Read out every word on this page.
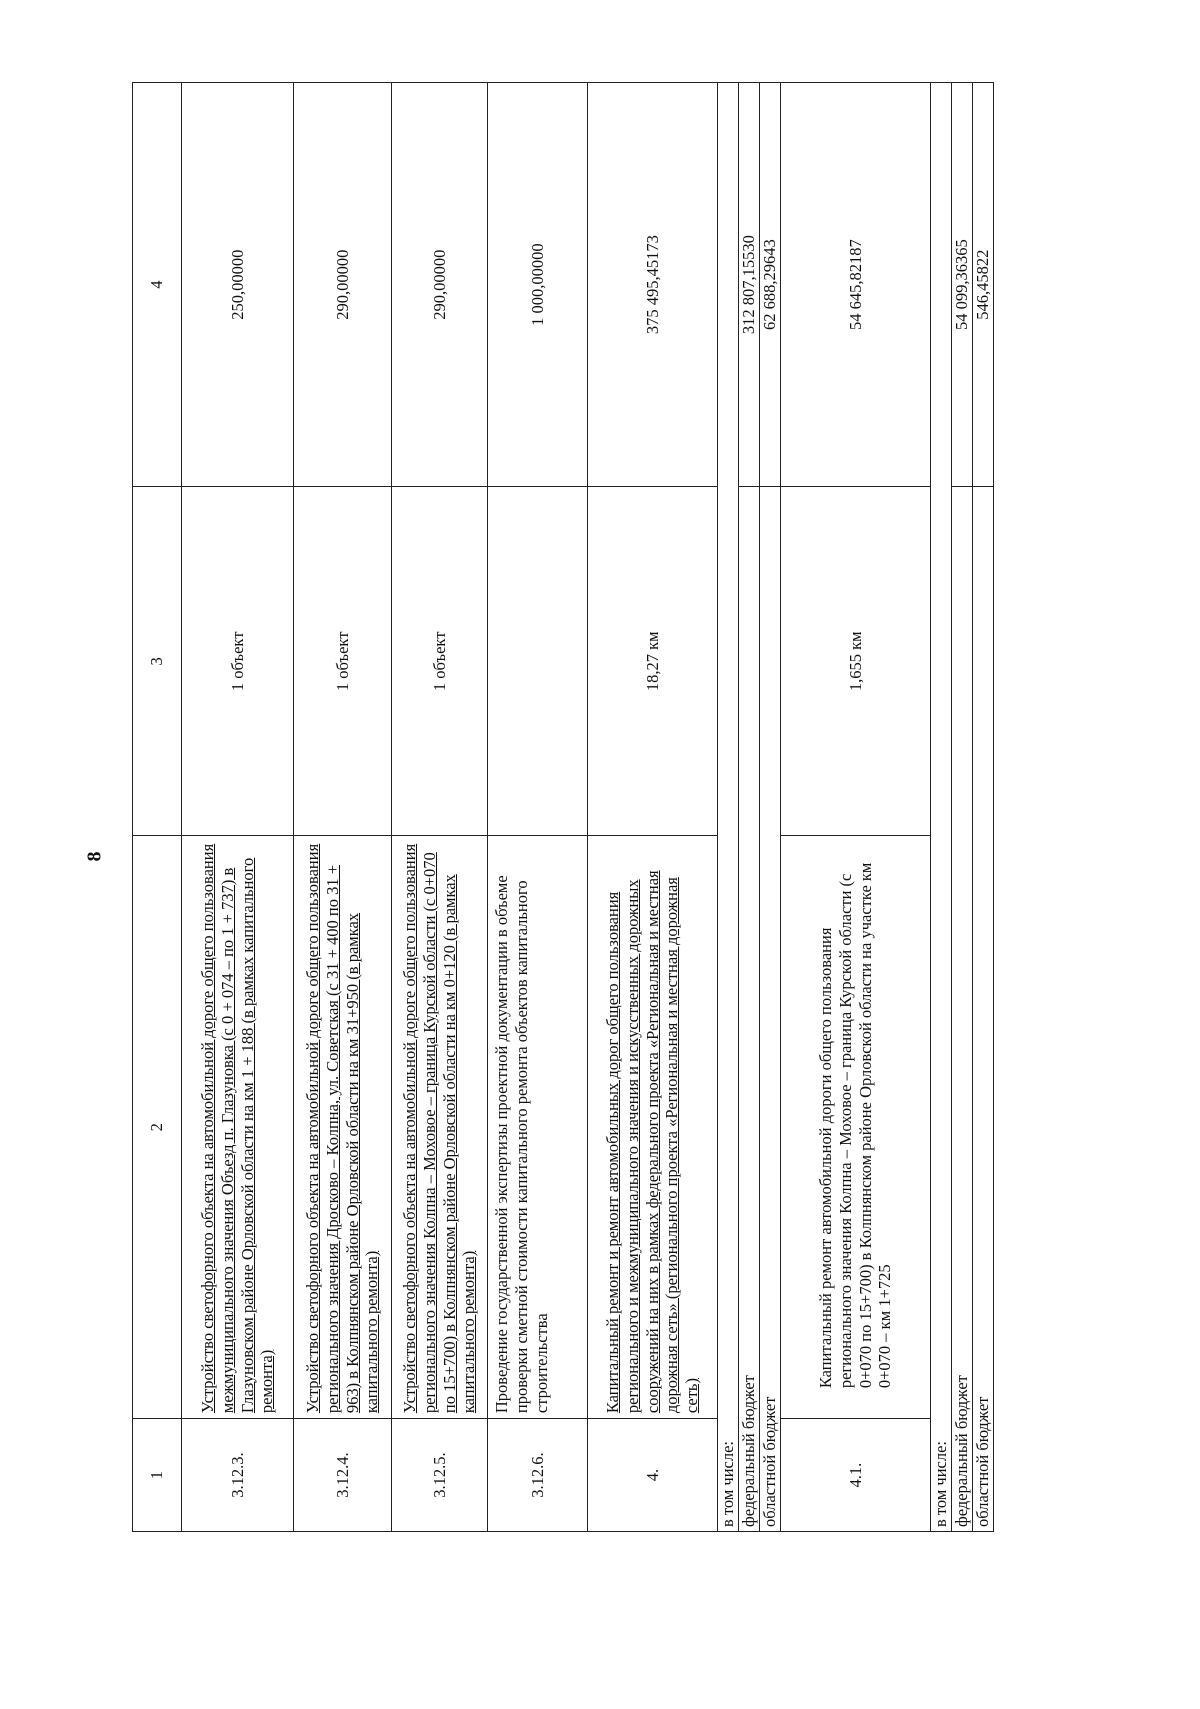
8
1	2	3	4
3.12.3.	Устройство светофорного объекта на автомобильной дороге общего пользования межмуниципального значения Объезд п. Глазуновка (с 0 + 074 – по 1 + 737) в Глазуновском районе Орловской области на км 1 + 188 (в рамках капитального ремонта)	1 объект	250,00000
3.12.4.	Устройство светофорного объекта на автомобильной дороге общего пользования регионального значения Дросково – Колпна, ул. Советская (с 31 + 400 по 31 + 963) в Колпнянском районе Орловской области на км 31+950 (в рамках капитального ремонта)	1 объект	290,00000
3.12.5.	Устройство светофорного объекта на автомобильной дороге общего пользования регионального значения Колпна – Моховое – граница Курской области (с 0+070 по 15+700) в Колпнянском районе Орловской области на км 0+120 (в рамках капитального ремонта)	1 объект	290,00000
3.12.6.	Проведение государственной экспертизы проектной документации в объеме проверки сметной стоимости капитального ремонта объектов капитального строительства		1 000,00000
4.	Капитальный ремонт и ремонт автомобильных дорог общего пользования регионального и межмуниципального значения и искусственных дорожных сооружений на них в рамках федерального проекта «Региональная и местная дорожная сеть» (регионального проекта «Региональная и местная дорожная сеть)	18,27 км	375 495,45173
в том числе:			
федеральный бюджет			312 807,15530
областной бюджет			62 688,29643
4.1.	Капитальный ремонт автомобильной дороги общего пользования регионального значения Колпна – Моховое – граница Курской области (с 0+070 по 15+700) в Колпнянском районе Орловской области на участке км 0+070 – км 1+725	1,655 км	54 645,82187
в том числе:			
федеральный бюджет			54 099,36365
областной бюджет			546,45822
